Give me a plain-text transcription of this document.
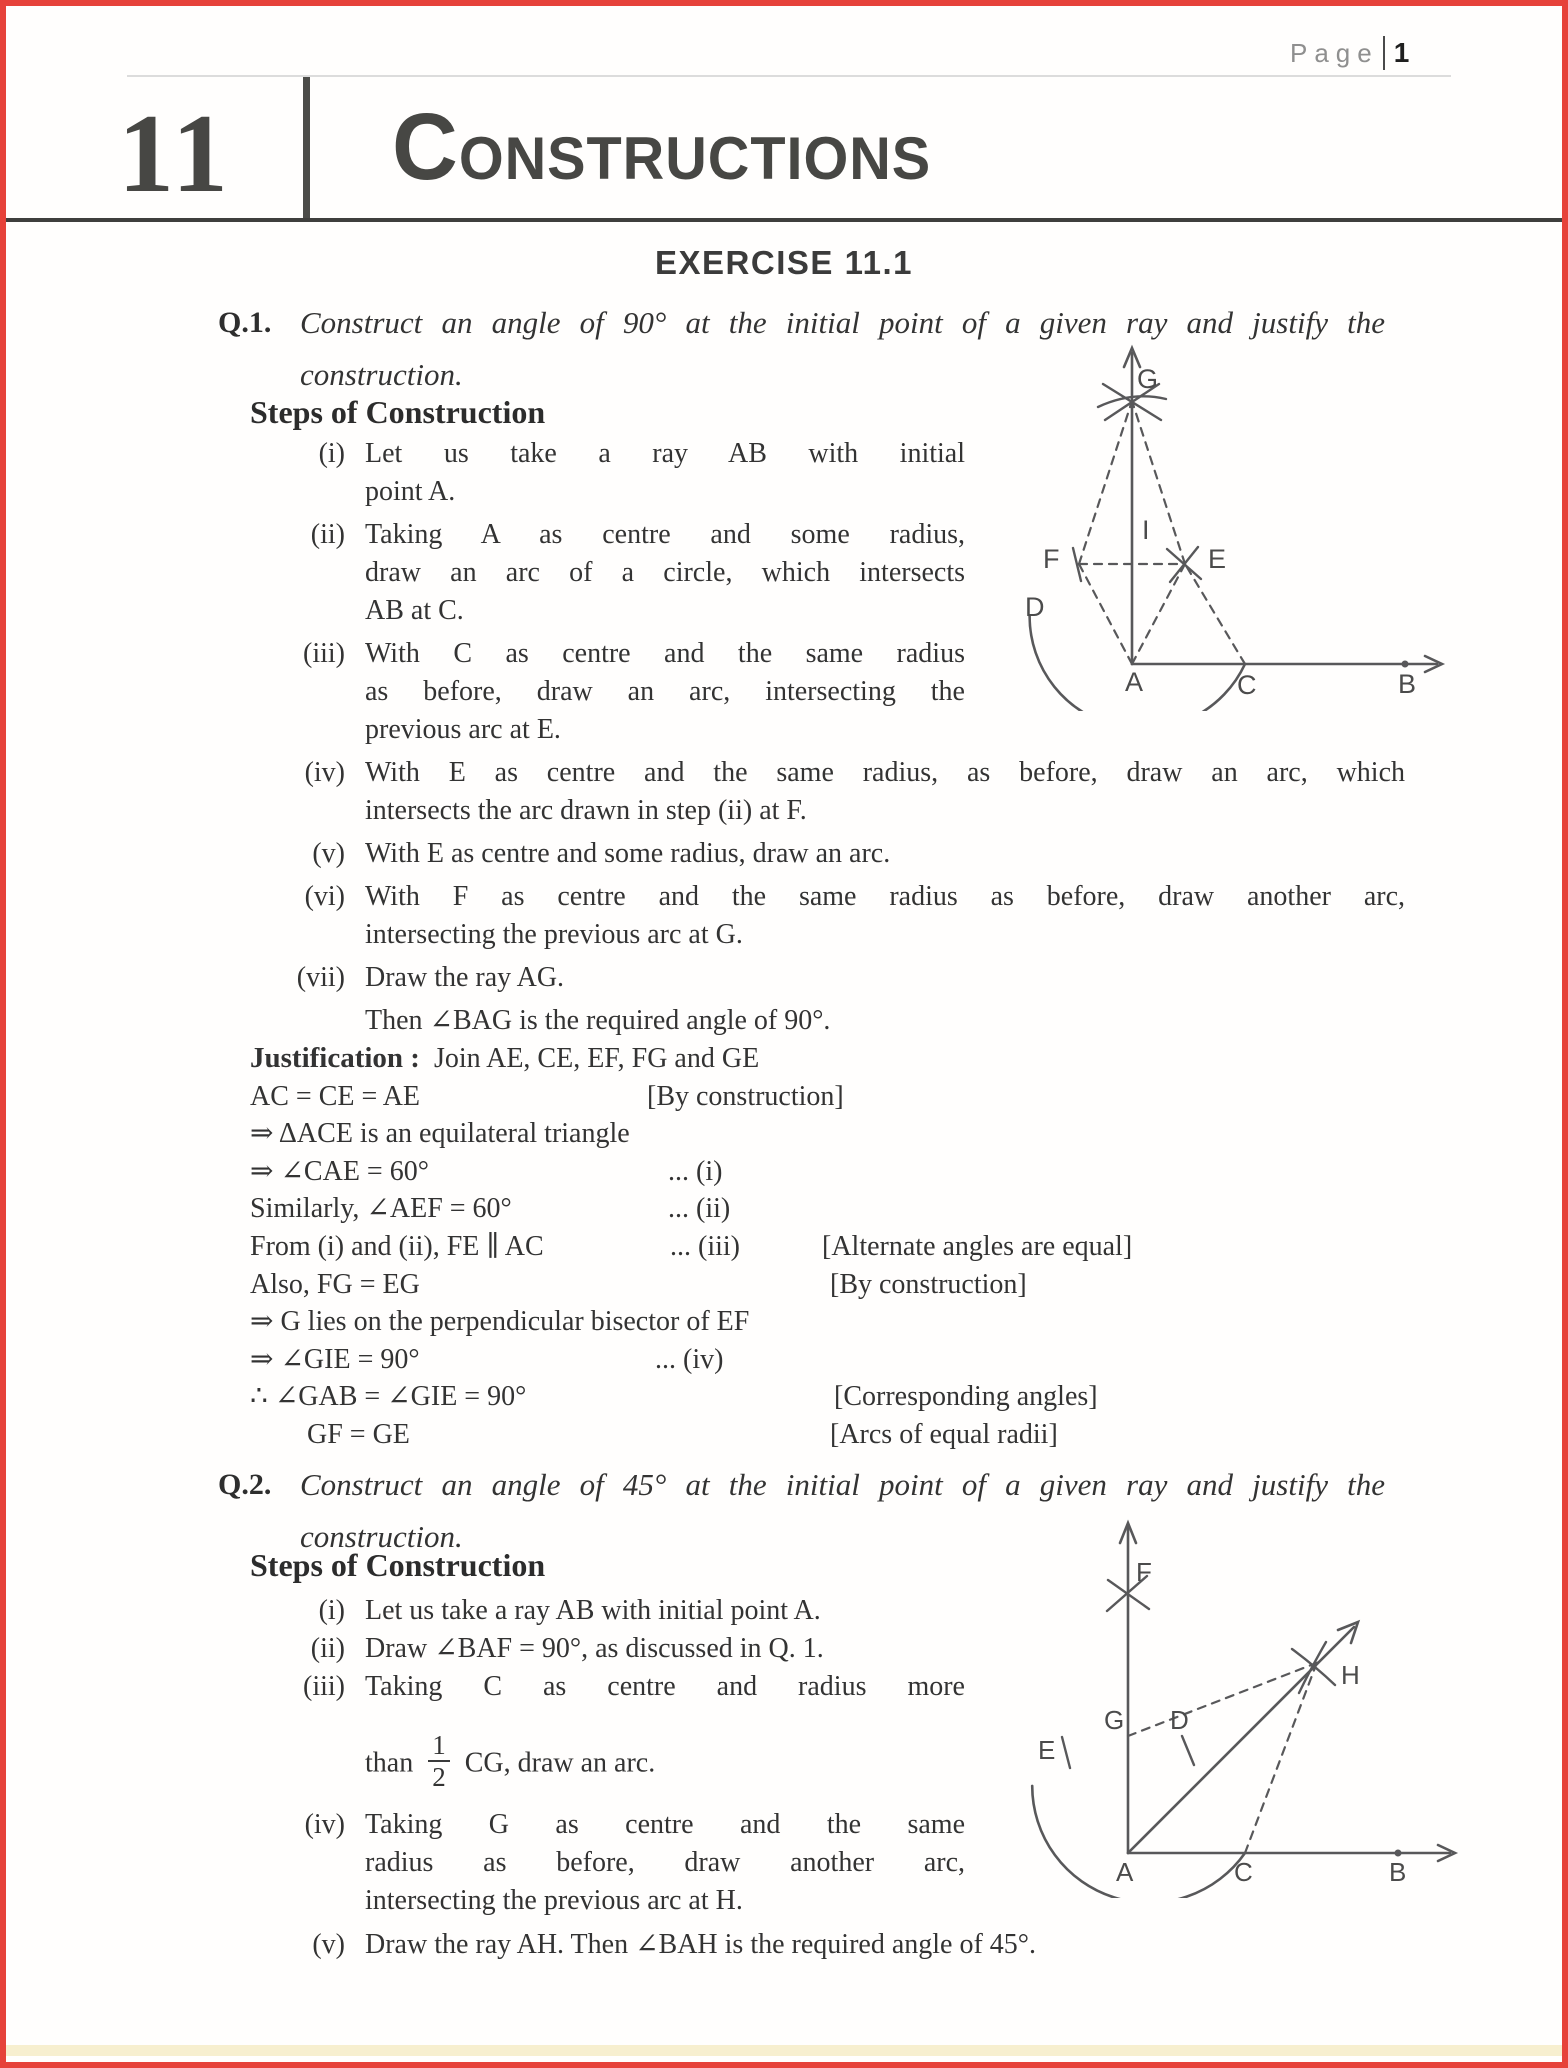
Page 1
11 CONSTRUCTIONS
EXERCISE 11.1
Q.1. Construct an angle of 90° at the initial point of a given ray and justify the
construction.
Steps of Construction
(i) Let us take a ray AB with initial
point A.
(ii) Taking A as centre and some radius,
draw an arc of a circle, which intersects
AB at C.
(iii) With C as centre and the same radius
as before, draw an arc, intersecting the
previous arc at E.
(iv) With E as centre and the same radius, as before, draw an arc, which
intersects the arc drawn in step (ii) at F.
(v) With E as centre and some radius, draw an arc.
(vi) With F as centre and the same radius as before, draw another arc,
intersecting the previous arc at G.
(vii) Draw the ray AG.
Then ∠BAG is the required angle of 90°.
Justification : Join AE, CE, EF, FG and GE
AC = CE = AE	[By construction]
⇒ ΔACE is an equilateral triangle
⇒ ∠CAE = 60°	... (i)
Similarly, ∠AEF = 60°	... (ii)
From (i) and (ii), FE ∥ AC	... (iii)	[Alternate angles are equal]
Also, FG = EG	[By construction]
⇒ G lies on the perpendicular bisector of EF
⇒ ∠GIE = 90°	... (iv)
∴ ∠GAB = ∠GIE = 90°	[Corresponding angles]
GF = GE	[Arcs of equal radii]
Q.2. Construct an angle of 45° at the initial point of a given ray and justify the
construction.
Steps of Construction
(i) Let us take a ray AB with initial point A.
(ii) Draw ∠BAF = 90°, as discussed in Q. 1.
(iii) Taking C as centre and radius more
than $\frac{1}{2}$ CG, draw an arc.
(iv) Taking G as centre and the same
radius as before, draw another arc,
intersecting the previous arc at H.
(v) Draw the ray AH. Then ∠BAH is the required angle of 45°.
G
I
F	E
D
A	C	B
F
E
G D
H
A	C	B
